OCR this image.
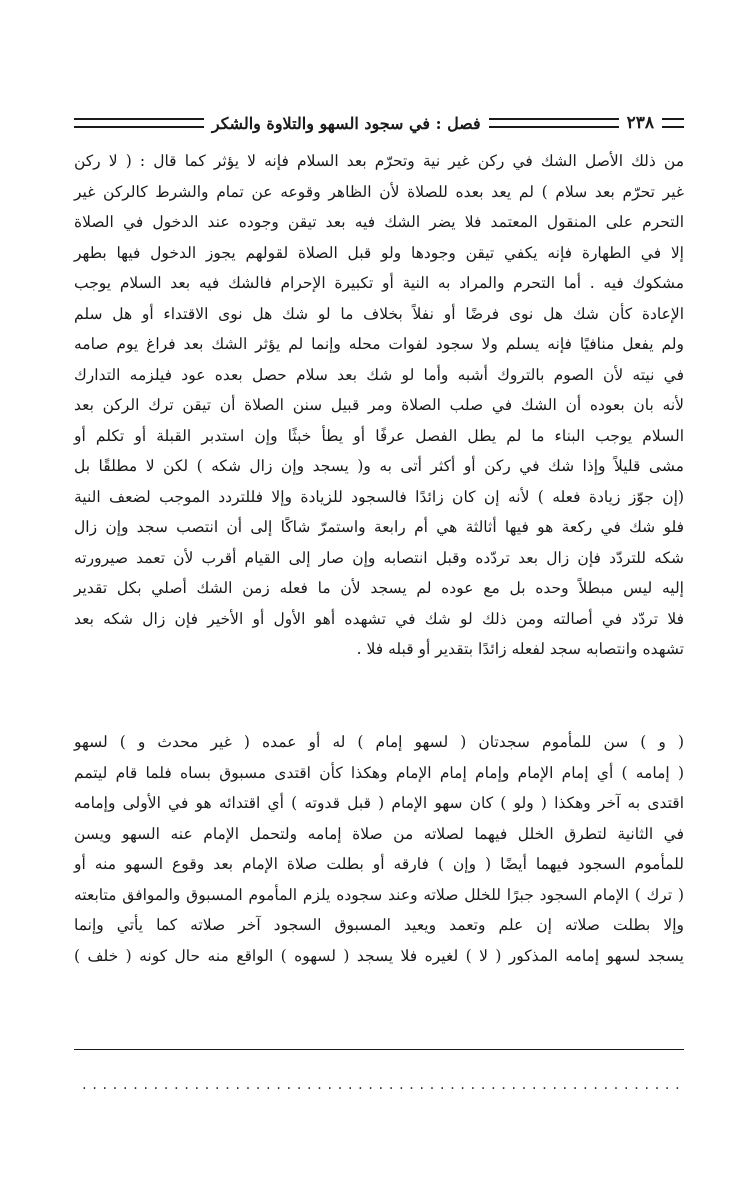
٢٣٨
فصل : في سجود السهو والتلاوة والشكر
من ذلك الأصل الشك في ركن غير نية وتحرّم بعد السلام فإنه لا يؤثر كما قال : ( لا ركن
غير تحرّم بعد سلام ) لم يعد بعده للصلاة لأن الظاهر وقوعه عن تمام والشرط كالركن غير
التحرم على المنقول المعتمد فلا يضر الشك فيه بعد تيقن وجوده عند الدخول في الصلاة
إلا في الطهارة فإنه يكفي تيقن وجودها ولو قبل الصلاة لقولهم يجوز الدخول فيها بطهر
مشكوك فيه . أما التحرم والمراد به النية أو تكبيرة الإحرام فالشك فيه بعد السلام يوجب
الإعادة كأن شك هل نوى فرضًا أو نفلاً بخلاف ما لو شك هل نوى الاقتداء أو هل سلم
ولم يفعل منافيًا فإنه يسلم ولا سجود لفوات محله وإنما لم يؤثر الشك بعد فراغ يوم صامه
في نيته لأن الصوم بالتروك أشبه وأما لو شك بعد سلام حصل بعده عود فيلزمه التدارك
لأنه بان بعوده أن الشك في صلب الصلاة ومر قبيل سنن الصلاة أن تيقن ترك الركن بعد
السلام يوجب البناء ما لم يطل الفصل عرفًا أو يطأ خبثًا وإن استدبر القبلة أو تكلم أو
مشى قليلاً وإذا شك في ركن أو أكثر أتى به و( يسجد وإن زال شكه ) لكن لا مطلقًا بل
(إن جوّز زيادة فعله ) لأنه إن كان زائدًا فالسجود للزيادة وإلا فللتردد الموجب لضعف النية
فلو شك في ركعة هو فيها أثالثة هي أم رابعة واستمرّ شاكًا إلى أن انتصب سجد وإن زال
شكه للتردّد فإن زال بعد تردّده وقبل انتصابه وإن صار إلى القيام أقرب لأن تعمد صيرورته
إليه ليس مبطلاً وحده بل مع عوده لم يسجد لأن ما فعله زمن الشك أصلي بكل تقدير
فلا تردّد في أصالته ومن ذلك لو شك في تشهده أهو الأول أو الأخير فإن زال شكه بعد
تشهده وانتصابه سجد لفعله زائدًا بتقدير أو قبله فلا .
( و ) سن للمأموم سجدتان ( لسهو إمام ) له أو عمده ( غير محدث و ) لسهو
( إمامه ) أي إمام الإمام وإمام إمام الإمام وهكذا كأن اقتدى مسبوق بساه فلما قام ليتمم
اقتدى به آخر وهكذا ( ولو ) كان سهو الإمام ( قبل قدوته ) أي اقتدائه هو في الأولى وإمامه
في الثانية لتطرق الخلل فيهما لصلاته من صلاة إمامه ولتحمل الإمام عنه السهو ويسن
للمأموم السجود فيهما أيضًا ( وإن ) فارقه أو بطلت صلاة الإمام بعد وقوع السهو منه أو
( ترك ) الإمام السجود جبرًا للخلل صلاته وعند سجوده يلزم المأموم المسبوق والموافق متابعته
وإلا بطلت صلاته إن علم وتعمد ويعيد المسبوق السجود آخر صلاته كما يأتي وإنما
يسجد لسهو إمامه المذكور ( لا ) لغيره فلا يسجد ( لسهوه ) الواقع منه حال كونه ( خلف )
...........................................................
